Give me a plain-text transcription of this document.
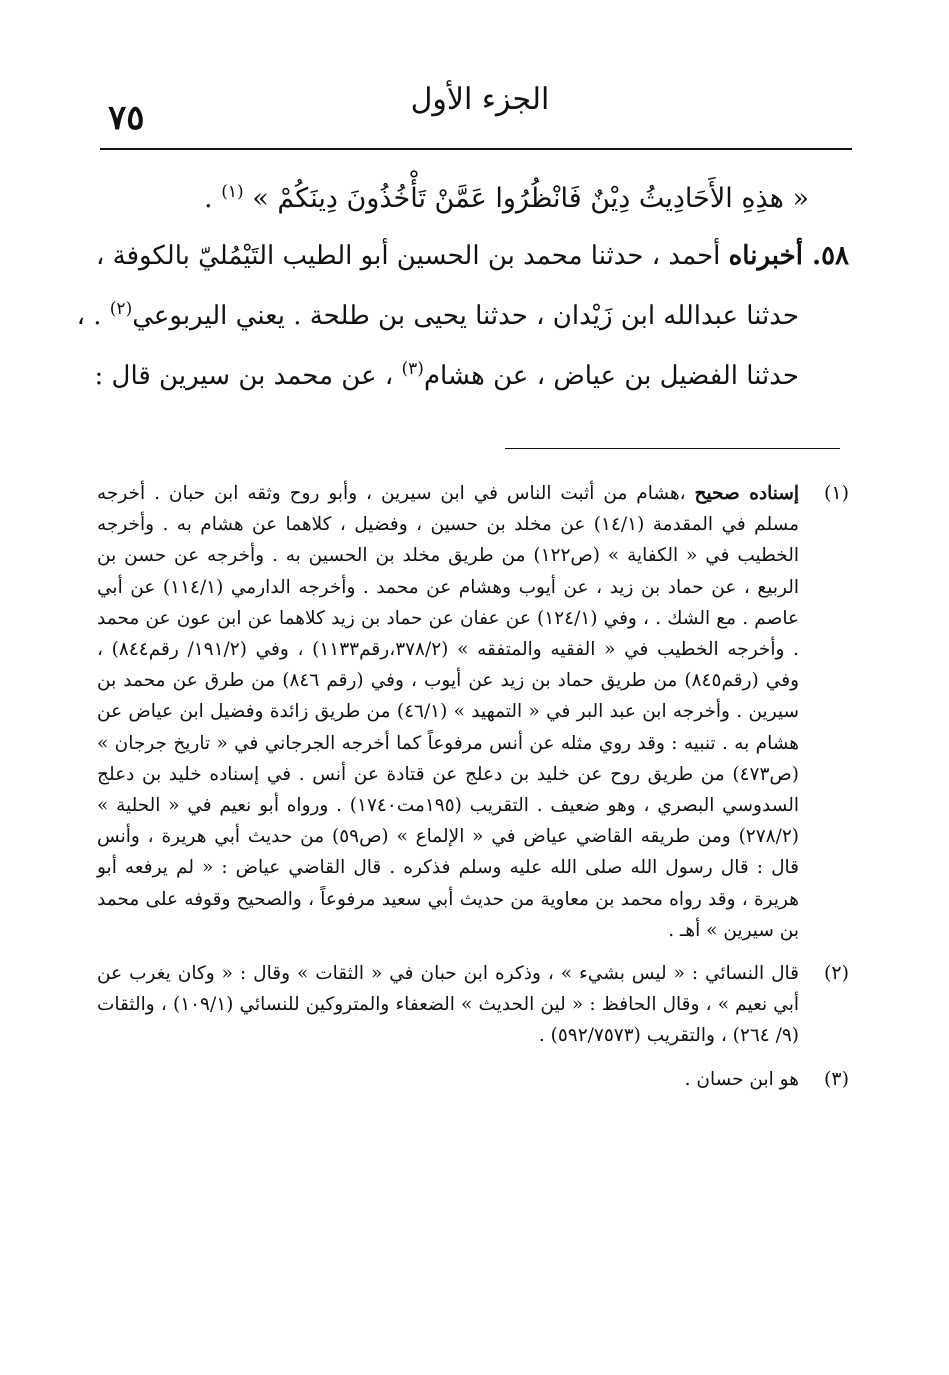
٧٥	الجزء الأول
« هذِهِ الأَحَادِيثُ دِيْنٌ فَانْظُرُوا عَمَّنْ تَأْخُذُونَ دِينَكُمْ » $^{(١)}$ .
٥٨. أخبرناه أحمد ، حدثنا محمد بن الحسين أبو الطيب التَيْمُليّ بالكوفة ،
حدثنا عبدالله ابن زَيْدان ، حدثنا يحيى بن طلحة . يعني اليربوعي$^{(٢)}$ . ،
حدثنا الفضيل بن عياض ، عن هشام$^{(٣)}$ ، عن محمد بن سيرين قال :
(١)
إسناده صحيح ،هشام من أثبت الناس في ابن سيرين ، وأبو روح وثقه ابن حبان . أخرجه مسلم في المقدمة (١٤/١) عن مخلد بن حسين ، وفضيل ، كلاهما عن هشام به . وأخرجه الخطيب في « الكفاية » (ص١٢٢) من طريق مخلد بن الحسين به . وأخرجه عن حسن بن الربيع ، عن حماد بن زيد ، عن أيوب وهشام عن محمد . وأخرجه الدارمي (١١٤/١) عن أبي عاصم . مع الشك . ، وفي (١٢٤/١) عن عفان عن حماد بن زيد كلاهما عن ابن عون عن محمد . وأخرجه الخطيب في « الفقيه والمتفقه » (٣٧٨/٢،رقم١١٣٣) ، وفي (١٩١/٢/ رقم٨٤٤) ، وفي (رقم٨٤٥) من طريق حماد بن زيد عن أيوب ، وفي (رقم ٨٤٦) من طرق عن محمد بن سيرين . وأخرجه ابن عبد البر في « التمهيد » (٤٦/١) من طريق زائدة وفضيل ابن عياض عن هشام به . تنبيه : وقد روي مثله عن أنس مرفوعاً كما أخرجه الجرجاني في « تاريخ جرجان » (ص٤٧٣) من طريق روح عن خليد بن دعلج عن قتادة عن أنس . في إسناده خليد بن دعلج السدوسي البصري ، وهو ضعيف . التقريب (١٩٥مت١٧٤٠) . ورواه أبو نعيم في « الحلية » (٢٧٨/٢) ومن طريقه القاضي عياض في « الإلماع » (ص٥٩) من حديث أبي هريرة ، وأنس قال : قال رسول الله صلى الله عليه وسلم فذكره . قال القاضي عياض : « لم يرفعه أبو هريرة ، وقد رواه محمد بن معاوية من حديث أبي سعيد مرفوعاً ، والصحيح وقوفه على محمد بن سيرين » أهـ .
(٢)
قال النسائي : « ليس بشيء » ، وذكره ابن حبان في « الثقات » وقال : « وكان يغرب عن أبي نعيم » ، وقال الحافظ : « لين الحديث » الضعفاء والمتروكين للنسائي (١٠٩/١) ، والثقات (٩/ ٢٦٤) ، والتقريب (٥٩٢/٧٥٧٣) .
(٣)
هو ابن حسان .
